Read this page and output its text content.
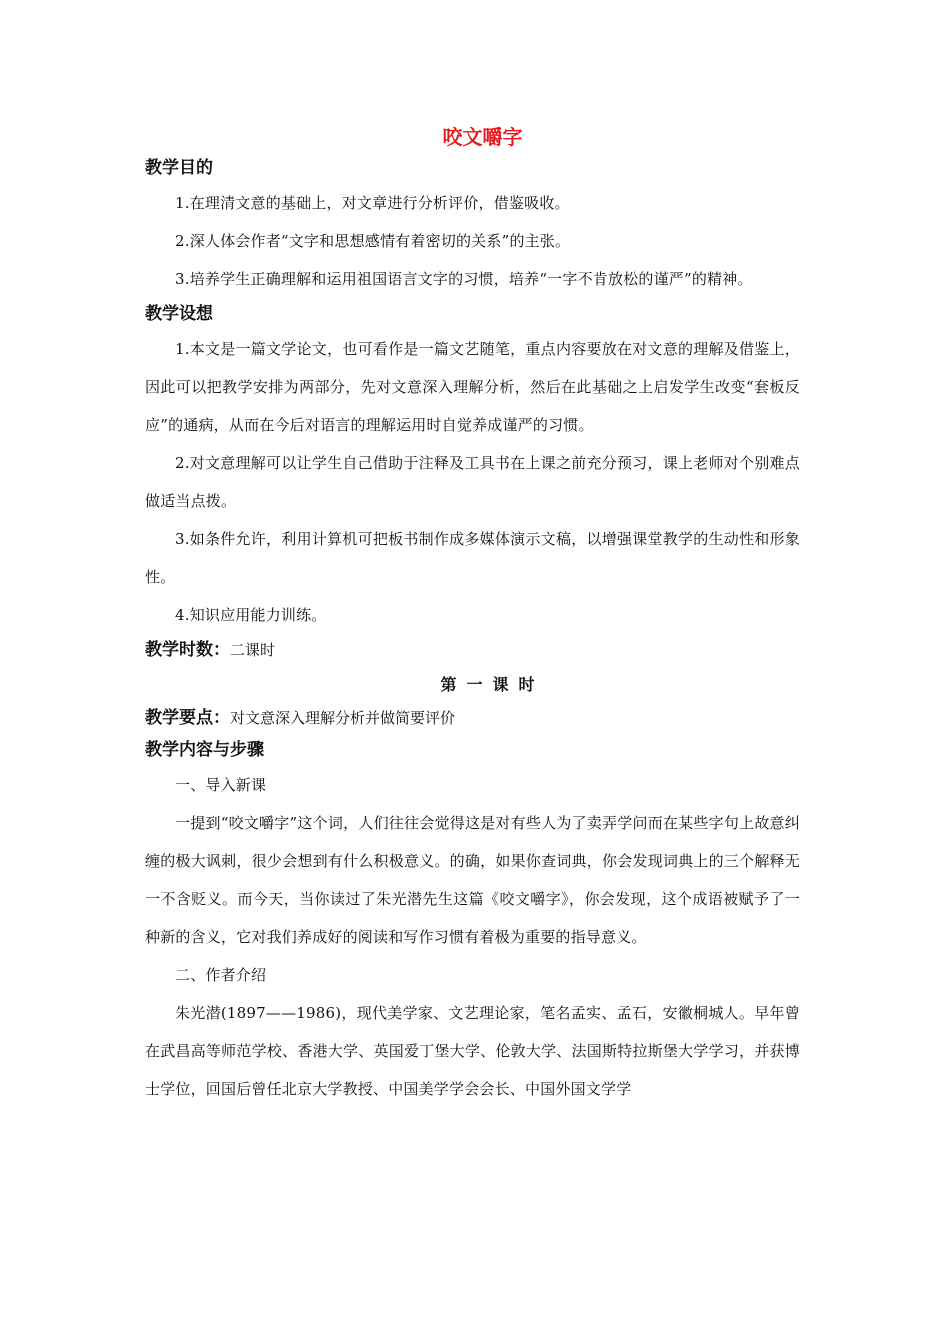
咬文嚼字
教学目的
1.在理清文意的基础上，对文章进行分析评价，借鉴吸收。
2.深人体会作者“文字和思想感情有着密切的关系”的主张。
3.培养学生正确理解和运用祖国语言文字的习惯，培养“一字不肯放松的谨严”的精神。
教学设想
1.本文是一篇文学论文，也可看作是一篇文艺随笔，重点内容要放在对文意的理解及借鉴上，因此可以把教学安排为两部分，先对文意深入理解分析，然后在此基础之上启发学生改变“套板反应”的通病，从而在今后对语言的理解运用时自觉养成谨严的习惯。
2.对文意理解可以让学生自己借助于注释及工具书在上课之前充分预习，课上老师对个别难点做适当点拨。
3.如条件允许，利用计算机可把板书制作成多媒体演示文稿，以增强课堂教学的生动性和形象性。
4.知识应用能力训练。
教学时数：二课时
第一课时
教学要点：对文意深入理解分析并做简要评价
教学内容与步骤
一、导入新课
一提到“咬文嚼字”这个词，人们往往会觉得这是对有些人为了卖弄学问而在某些字句上故意纠缠的极大讽刺，很少会想到有什么积极意义。的确，如果你查词典，你会发现词典上的三个解释无一不含贬义。而今天，当你读过了朱光潜先生这篇《咬文嚼字》，你会发现，这个成语被赋予了一种新的含义，它对我们养成好的阅读和写作习惯有着极为重要的指导意义。
二、作者介绍
朱光潜(1897——1986)，现代美学家、文艺理论家，笔名孟实、孟石，安徽桐城人。早年曾在武昌高等师范学校、香港大学、英国爱丁堡大学、伦敦大学、法国斯特拉斯堡大学学习，并获博士学位，回国后曾任北京大学教授、中国美学学会会长、中国外国文学学
